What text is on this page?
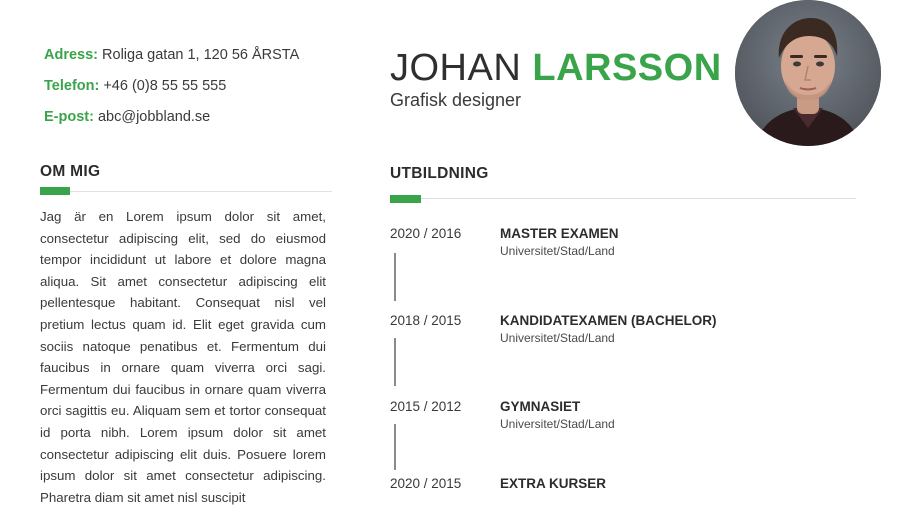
Adress: Roliga gatan 1, 120 56 ÅRSTA
Telefon: +46 (0)8 55 55 555
E-post: abc@jobbland.se
JOHAN LARSSON
Grafisk designer
OM MIG
Jag är en Lorem ipsum dolor sit amet, consectetur adipiscing elit, sed do eiusmod tempor incididunt ut labore et dolore magna aliqua. Sit amet consectetur adipiscing elit pellentesque habitant. Consequat nisl vel pretium lectus quam id. Elit eget gravida cum sociis natoque penatibus et. Fermentum dui faucibus in ornare quam viverra orci sagi. Fermentum dui faucibus in ornare quam viverra orci sagittis eu. Aliquam sem et tortor consequat id porta nibh. Lorem ipsum dolor sit amet consectetur adipiscing elit duis. Posuere lorem ipsum dolor sit amet consectetur adipiscing. Pharetra diam sit amet nisl suscipit
UTBILDNING
2020 / 2016	MASTER EXAMEN
Universitet/Stad/Land
2018 / 2015	KANDIDATEXAMEN (BACHELOR)
Universitet/Stad/Land
2015 / 2012	GYMNASIET
Universitet/Stad/Land
2020 / 2015	EXTRA KURSER
